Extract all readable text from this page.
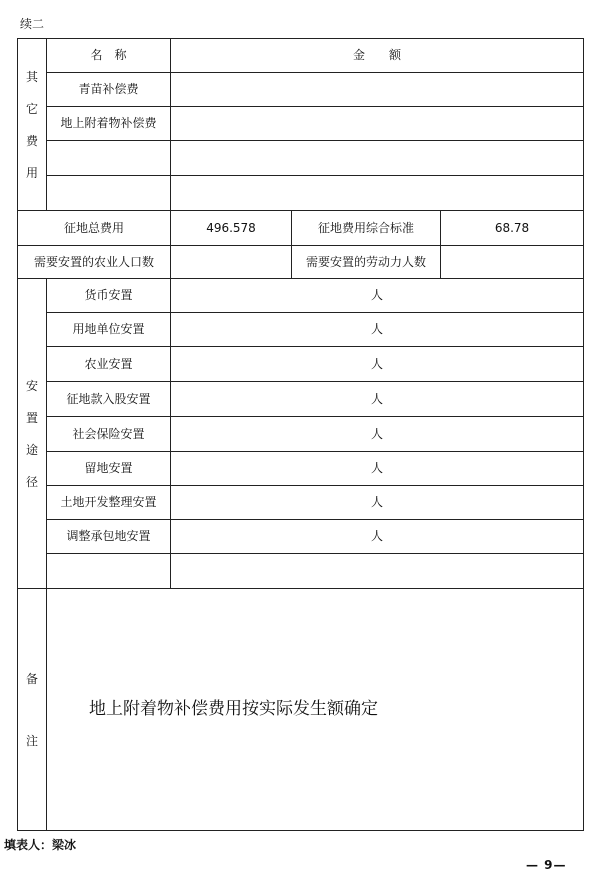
续二
其
它
费
用	名　称	金　　额		
	青苗补偿费			
	地上附着物补偿费			

征地总费用		496.578	征地费用综合标准	68.78
需要安置的农业人口数			需要安置的劳动力人数	

安
置
途
径	货币安置	人		
	用地单位安置	人		
	农业安置	人		
	征地款入股安置	人		
	社会保险安置	人		
	留地安置	人		
	土地开发整理安置	人		
	调整承包地安置	人		

备
注	地上附着物补偿费用按实际发生额确定			
填表人：梁冰
— 9—
